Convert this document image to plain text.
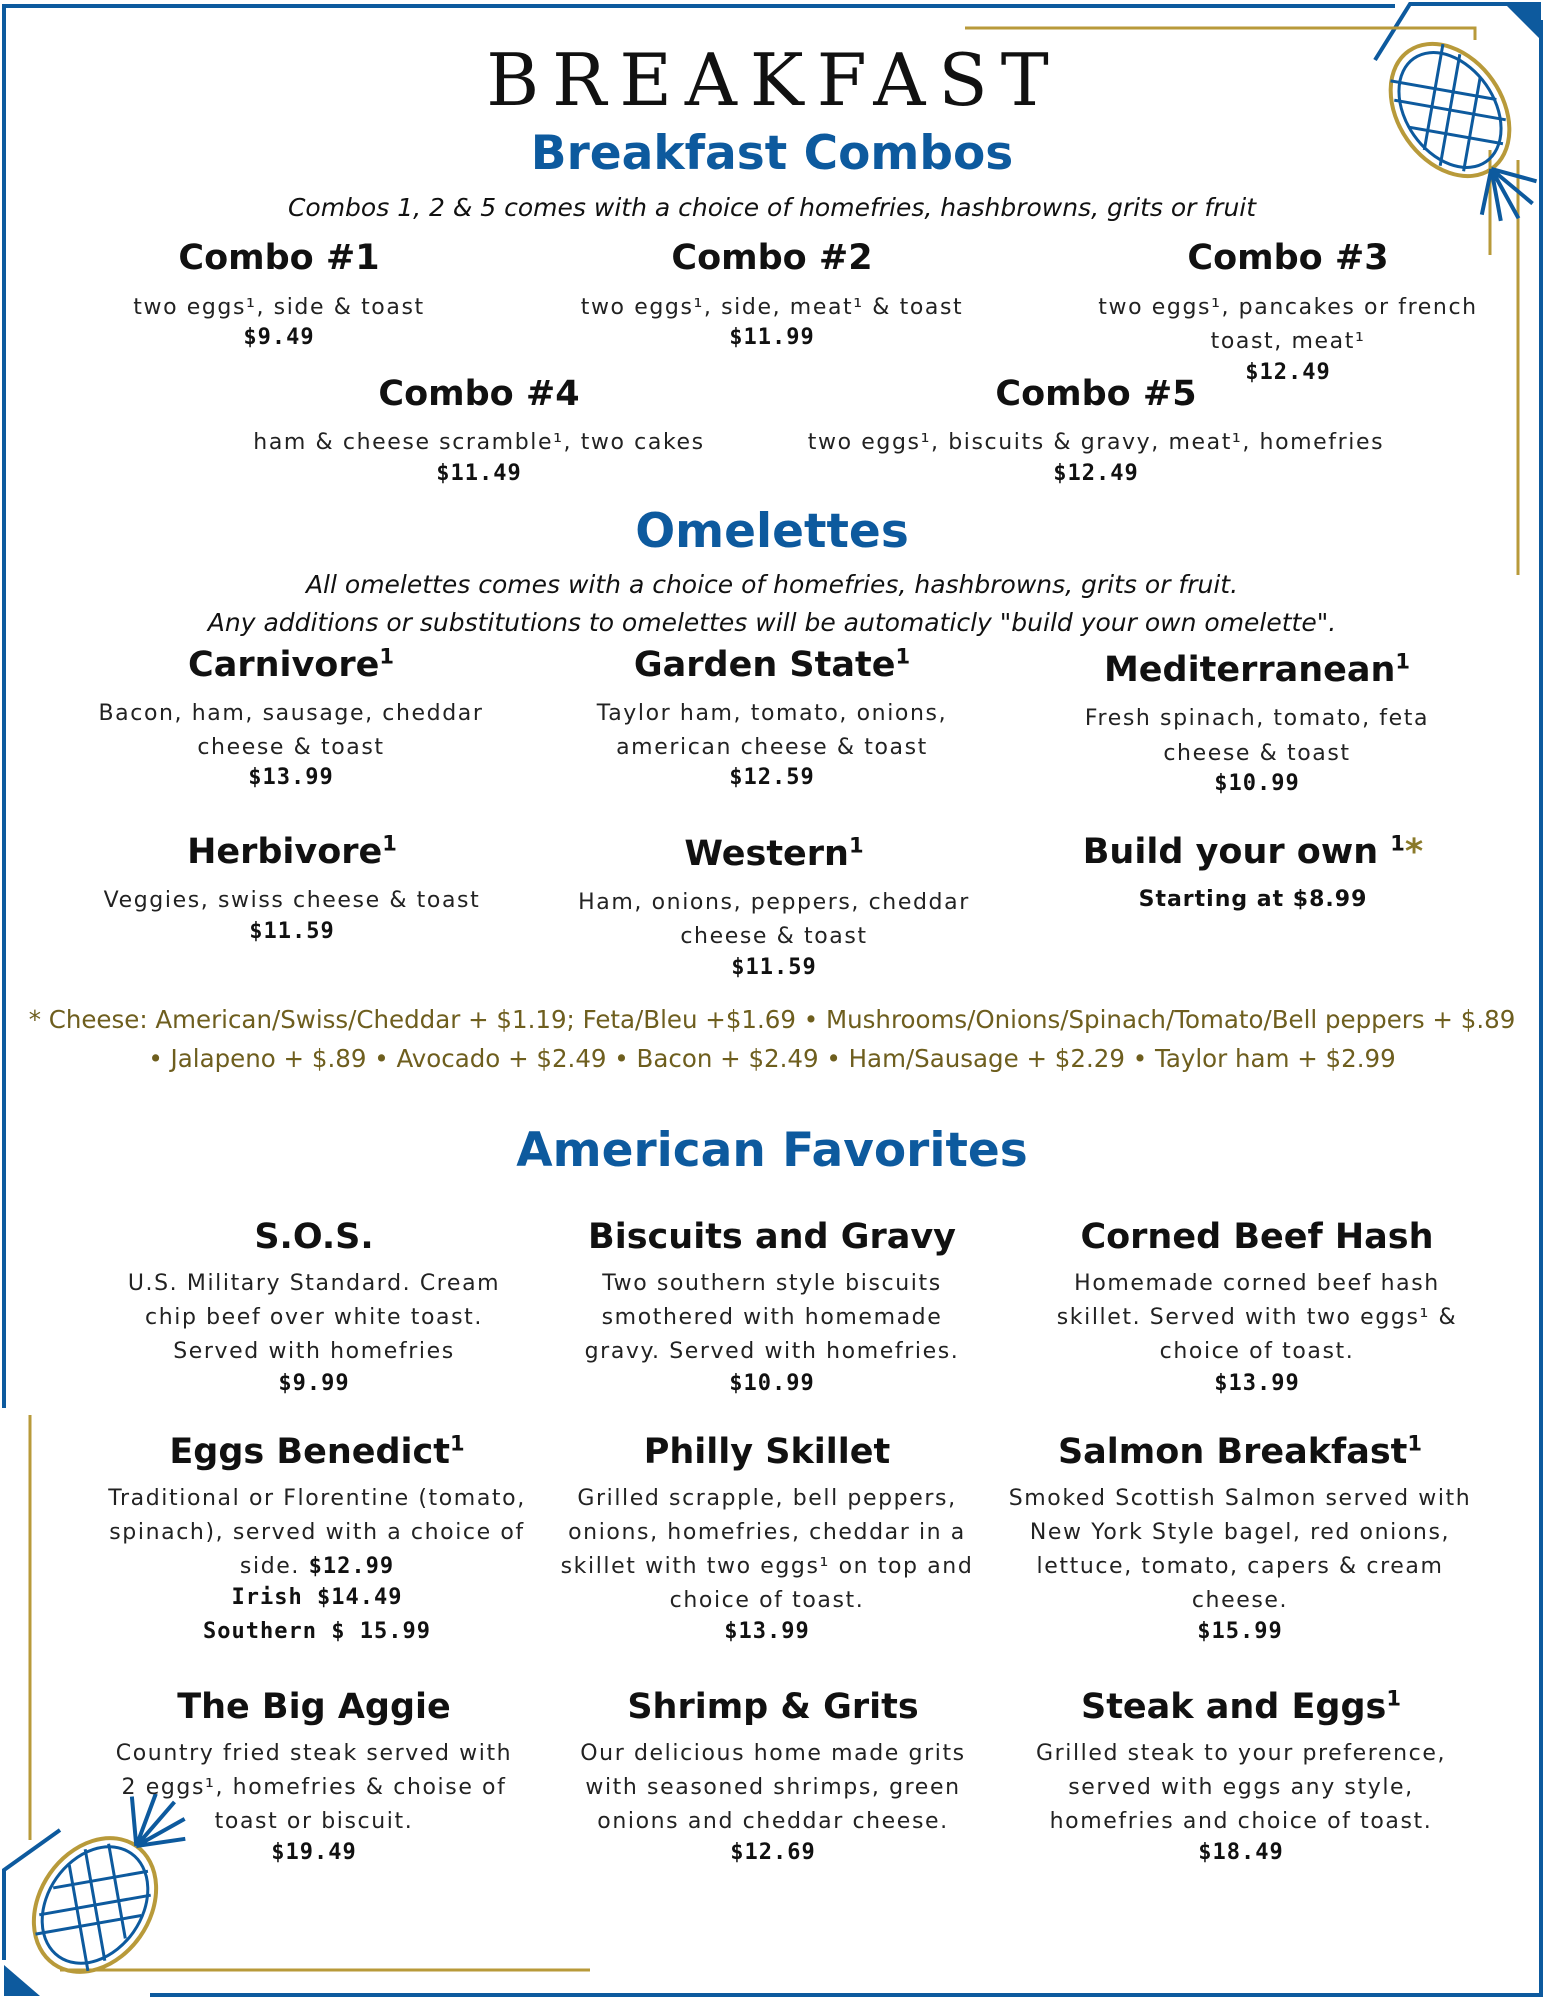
BREAKFAST
Breakfast Combos
Combos 1, 2 & 5 comes with a choice of homefries, hashbrowns, grits or fruit
Combo #1
two eggs¹, side & toast
$9.49
Combo #2
two eggs¹, side, meat¹ & toast
$11.99
Combo #3
two eggs¹, pancakes or french
toast, meat¹
$12.49
Combo #4
ham & cheese scramble¹, two cakes
$11.49
Combo #5
two eggs¹, biscuits & gravy, meat¹, homefries
$12.49
Omelettes
All omelettes comes with a choice of homefries, hashbrowns, grits or fruit.
Any additions or substitutions to omelettes will be automaticly "build your own omelette".
Carnivore$^1$
Bacon, ham, sausage, cheddar
cheese & toast
$13.99
Garden State$^1$
Taylor ham, tomato, onions,
american cheese & toast
$12.59
Mediterranean$^1$
Fresh spinach, tomato, feta
cheese & toast
$10.99
Herbivore$^1$
Veggies, swiss cheese & toast
$11.59
Western$^1$
Ham, onions, peppers, cheddar
cheese & toast
$11.59
Build your own $^1$*
Starting at $8.99
* Cheese: American/Swiss/Cheddar + $1.19; Feta/Bleu +$1.69 • Mushrooms/Onions/Spinach/Tomato/Bell peppers + $.89
• Jalapeno + $.89 • Avocado + $2.49 • Bacon + $2.49 • Ham/Sausage + $2.29 • Taylor ham + $2.99
American Favorites
S.O.S.
U.S. Military Standard. Cream
chip beef over white toast.
Served with homefries
$9.99
Biscuits and Gravy
Two southern style biscuits
smothered with homemade
gravy. Served with homefries.
$10.99
Corned Beef Hash
Homemade corned beef hash
skillet. Served with two eggs¹ &
choice of toast.
$13.99
Eggs Benedict$^1$
Traditional or Florentine (tomato,
spinach), served with a choice of
side. $12.99
Irish $14.49
Southern $ 15.99
Philly Skillet
Grilled scrapple, bell peppers,
onions, homefries, cheddar in a
skillet with two eggs¹ on top and
choice of toast.
$13.99
Salmon Breakfast$^1$
Smoked Scottish Salmon served with
New York Style bagel, red onions,
lettuce, tomato, capers & cream
cheese.
$15.99
The Big Aggie
Country fried steak served with
2 eggs¹, homefries & choise of
toast or biscuit.
$19.49
Shrimp & Grits
Our delicious home made grits
with seasoned shrimps, green
onions and cheddar cheese.
$12.69
Steak and Eggs$^1$
Grilled steak to your preference,
served with eggs any style,
homefries and choice of toast.
$18.49
